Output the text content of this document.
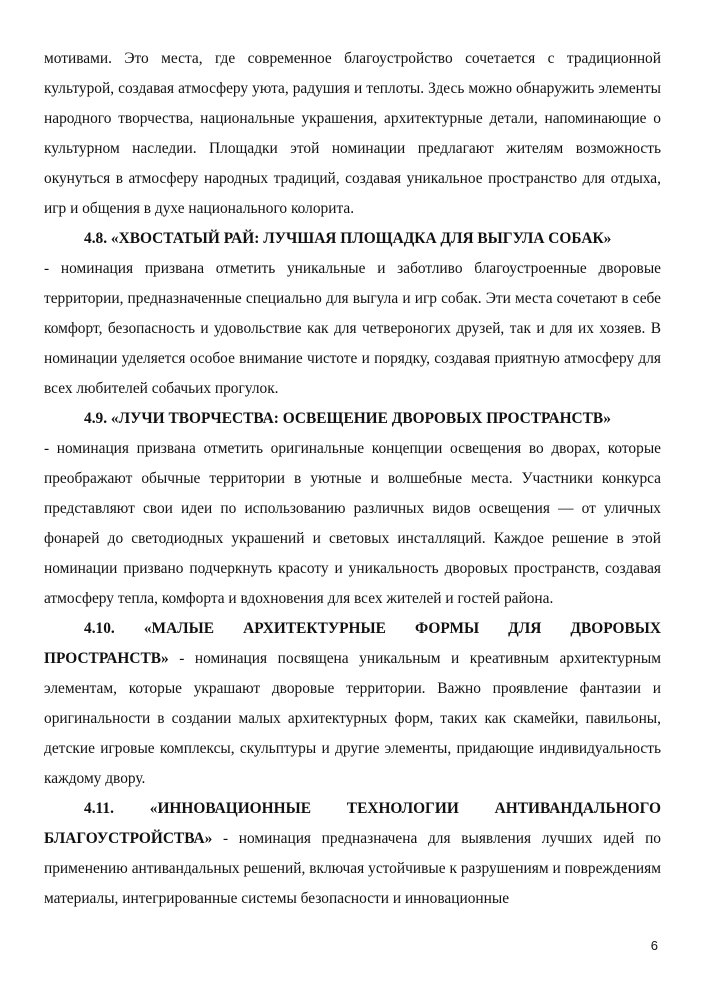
мотивами. Это места, где современное благоустройство сочетается с традиционной культурой, создавая атмосферу уюта, радушия и теплоты. Здесь можно обнаружить элементы народного творчества, национальные украшения, архитектурные детали, напоминающие о культурном наследии. Площадки этой номинации предлагают жителям возможность окунуться в атмосферу народных традиций, создавая уникальное пространство для отдыха, игр и общения в духе национального колорита.

4.8. «ХВОСТАТЫЙ РАЙ: ЛУЧШАЯ ПЛОЩАДКА ДЛЯ ВЫГУЛА СОБАК»

- номинация призвана отметить уникальные и заботливо благоустроенные дворовые территории, предназначенные специально для выгула и игр собак. Эти места сочетают в себе комфорт, безопасность и удовольствие как для четвероногих друзей, так и для их хозяев. В номинации уделяется особое внимание чистоте и порядку, создавая приятную атмосферу для всех любителей собачьих прогулок.

4.9. «ЛУЧИ ТВОРЧЕСТВА: ОСВЕЩЕНИЕ ДВОРОВЫХ ПРОСТРАНСТВ»

- номинация призвана отметить оригинальные концепции освещения во дворах, которые преображают обычные территории в уютные и волшебные места. Участники конкурса представляют свои идеи по использованию различных видов освещения — от уличных фонарей до светодиодных украшений и световых инсталляций. Каждое решение в этой номинации призвано подчеркнуть красоту и уникальность дворовых пространств, создавая атмосферу тепла, комфорта и вдохновения для всех жителей и гостей района.

4.10. «МАЛЫЕ АРХИТЕКТУРНЫЕ ФОРМЫ ДЛЯ ДВОРОВЫХ

ПРОСТРАНСТВ» - номинация посвящена уникальным и креативным архитектурным элементам, которые украшают дворовые территории. Важно проявление фантазии и оригинальности в создании малых архитектурных форм, таких как скамейки, павильоны, детские игровые комплексы, скульптуры и другие элементы, придающие индивидуальность каждому двору.

4.11. «ИННОВАЦИОННЫЕ ТЕХНОЛОГИИ АНТИВАНДАЛЬНОГО

БЛАГОУСТРОЙСТВА» - номинация предназначена для выявления лучших идей по применению антивандальных решений, включая устойчивые к разрушениям и повреждениям материалы, интегрированные системы безопасности и инновационные

6
